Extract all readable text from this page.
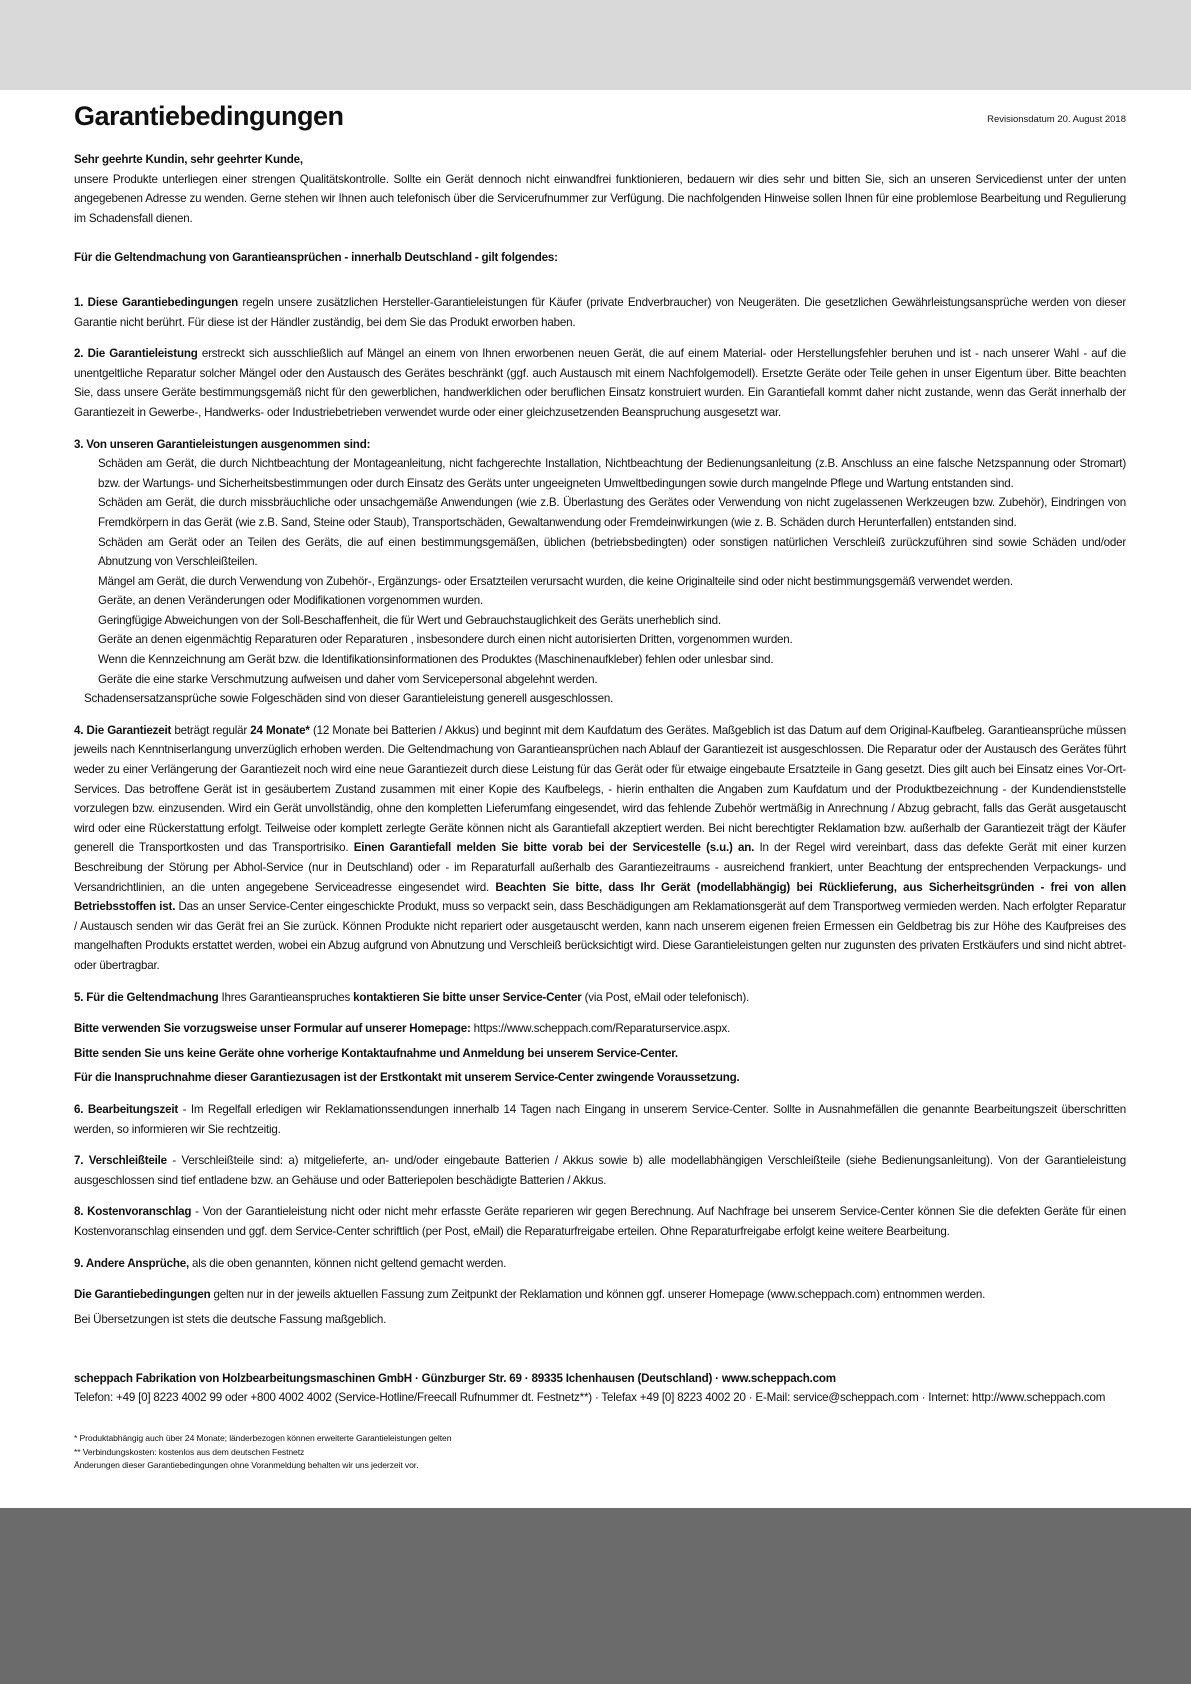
Garantiebedingungen	Revisionsdatum 20. August 2018

Sehr geehrte Kundin, sehr geehrter Kunde,

unsere Produkte unterliegen einer strengen Qualitätskontrolle. Sollte ein Gerät dennoch nicht einwandfrei funktionieren, bedauern wir dies sehr und bitten Sie, sich an unseren Servicedienst unter der unten angegebenen Adresse zu wenden. Gerne stehen wir Ihnen auch telefonisch über die Servicerufnummer zur Verfügung. Die nachfolgenden Hinweise sollen Ihnen für eine problemlose Bearbeitung und Regulierung im Schadensfall dienen.

Für die Geltendmachung von Garantieansprüchen - innerhalb Deutschland - gilt folgendes:

1. Diese Garantiebedingungen regeln unsere zusätzlichen Hersteller-Garantieleistungen für Käufer (private Endverbraucher) von Neugeräten. Die gesetzlichen Gewährleistungsansprüche werden von dieser Garantie nicht berührt. Für diese ist der Händler zuständig, bei dem Sie das Produkt erworben haben.

2. Die Garantieleistung erstreckt sich ausschließlich auf Mängel an einem von Ihnen erworbenen neuen Gerät, die auf einem Material- oder Herstellungsfehler beruhen und ist - nach unserer Wahl - auf die unentgeltliche Reparatur solcher Mängel oder den Austausch des Gerätes beschränkt (ggf. auch Austausch mit einem Nachfolgemodell). Ersetzte Geräte oder Teile gehen in unser Eigentum über. Bitte beachten Sie, dass unsere Geräte bestimmungsgemäß nicht für den gewerblichen, handwerklichen oder beruflichen Einsatz konstruiert wurden. Ein Garantiefall kommt daher nicht zustande, wenn das Gerät innerhalb der Garantiezeit in Gewerbe-, Handwerks- oder Industriebetrieben verwendet wurde oder einer gleichzusetzenden Beanspruchung ausgesetzt war.

3. Von unseren Garantieleistungen ausgenommen sind:

Schäden am Gerät, die durch Nichtbeachtung der Montageanleitung, nicht fachgerechte Installation, Nichtbeachtung der Bedienungsanleitung (z.B. Anschluss an eine falsche Netzspannung oder Stromart) bzw. der Wartungs- und Sicherheitsbestimmungen oder durch Einsatz des Geräts unter ungeeigneten Umweltbedingungen sowie durch mangelnde Pflege und Wartung entstanden sind.
Schäden am Gerät, die durch missbräuchliche oder unsachgemäße Anwendungen (wie z.B. Überlastung des Gerätes oder Verwendung von nicht zugelassenen Werkzeugen bzw. Zubehör), Eindringen von Fremdkörpern in das Gerät (wie z.B. Sand, Steine oder Staub), Transportschäden, Gewaltanwendung oder Fremdeinwirkungen (wie z. B. Schäden durch Herunterfallen) entstanden sind.
Schäden am Gerät oder an Teilen des Geräts, die auf einen bestimmungsgemäßen, üblichen (betriebsbedingten) oder sonstigen natürlichen Verschleiß zurückzuführen sind sowie Schäden und/oder Abnutzung von Verschleißteilen.
Mängel am Gerät, die durch Verwendung von Zubehör-, Ergänzungs- oder Ersatzteilen verursacht wurden, die keine Originalteile sind oder nicht bestimmungsgemäß verwendet werden.
Geräte, an denen Veränderungen oder Modifikationen vorgenommen wurden.
Geringfügige Abweichungen von der Soll-Beschaffenheit, die für Wert und Gebrauchstauglichkeit des Geräts unerheblich sind.
Geräte an denen eigenmächtig Reparaturen oder Reparaturen , insbesondere durch einen nicht autorisierten Dritten, vorgenommen wurden.
Wenn die Kennzeichnung am Gerät bzw. die Identifikationsinformationen des Produktes (Maschinenaufkleber) fehlen oder unlesbar sind.
Geräte die eine starke Verschmutzung aufweisen und daher vom Servicepersonal abgelehnt werden.

Schadensersatzansprüche sowie Folgeschäden sind von dieser Garantieleistung generell ausgeschlossen.

4. Die Garantiezeit beträgt regulär 24 Monate* (12 Monate bei Batterien / Akkus) und beginnt mit dem Kaufdatum des Gerätes. Maßgeblich ist das Datum auf dem Original-Kaufbeleg. Garantieansprüche müssen jeweils nach Kenntniserlangung unverzüglich erhoben werden. Die Geltendmachung von Garantieansprüchen nach Ablauf der Garantiezeit ist ausgeschlossen. Die Reparatur oder der Austausch des Gerätes führt weder zu einer Verlängerung der Garantiezeit noch wird eine neue Garantiezeit durch diese Leistung für das Gerät oder für etwaige eingebaute Ersatzteile in Gang gesetzt. Dies gilt auch bei Einsatz eines Vor-Ort-Services. Das betroffene Gerät ist in gesäubertem Zustand zusammen mit einer Kopie des Kaufbelegs, - hierin enthalten die Angaben zum Kaufdatum und der Produktbezeichnung - der Kundendienststelle vorzulegen bzw. einzusenden. Wird ein Gerät unvollständig, ohne den kompletten Lieferumfang eingesendet, wird das fehlende Zubehör wertmäßig in Anrechnung / Abzug gebracht, falls das Gerät ausgetauscht wird oder eine Rückerstattung erfolgt. Teilweise oder komplett zerlegte Geräte können nicht als Garantiefall akzeptiert werden. Bei nicht berechtigter Reklamation bzw. außerhalb der Garantiezeit trägt der Käufer generell die Transportkosten und das Transportrisiko. Einen Garantiefall melden Sie bitte vorab bei der Servicestelle (s.u.) an. In der Regel wird vereinbart, dass das defekte Gerät mit einer kurzen Beschreibung der Störung per Abhol-Service (nur in Deutschland) oder - im Reparaturfall außerhalb des Garantiezeitraums - ausreichend frankiert, unter Beachtung der entsprechenden Verpackungs- und Versandrichtlinien, an die unten angegebene Serviceadresse eingesendet wird. Beachten Sie bitte, dass Ihr Gerät (modellabhängig) bei Rücklieferung, aus Sicherheitsgründen - frei von allen Betriebsstoffen ist. Das an unser Service-Center eingeschickte Produkt, muss so verpackt sein, dass Beschädigungen am Reklamationsgerät auf dem Transportweg vermieden werden. Nach erfolgter Reparatur / Austausch senden wir das Gerät frei an Sie zurück. Können Produkte nicht repariert oder ausgetauscht werden, kann nach unserem eigenen freien Ermessen ein Geldbetrag bis zur Höhe des Kaufpreises des mangelhaften Produkts erstattet werden, wobei ein Abzug aufgrund von Abnutzung und Verschleiß berücksichtigt wird. Diese Garantieleistungen gelten nur zugunsten des privaten Erstkäufers und sind nicht abtret- oder übertragbar.

5. Für die Geltendmachung Ihres Garantieanspruches kontaktieren Sie bitte unser Service-Center (via Post, eMail oder telefonisch).

Bitte verwenden Sie vorzugsweise unser Formular auf unserer Homepage: https://www.scheppach.com/Reparaturservice.aspx.

Bitte senden Sie uns keine Geräte ohne vorherige Kontaktaufnahme und Anmeldung bei unserem Service-Center.

Für die Inanspruchnahme dieser Garantiezusagen ist der Erstkontakt mit unserem Service-Center zwingende Voraussetzung.

6. Bearbeitungszeit - Im Regelfall erledigen wir Reklamationssendungen innerhalb 14 Tagen nach Eingang in unserem Service-Center. Sollte in Ausnahmefällen die genannte Bearbeitungszeit überschritten werden, so informieren wir Sie rechtzeitig.

7. Verschleißteile - Verschleißteile sind: a) mitgelieferte, an- und/oder eingebaute Batterien / Akkus sowie b) alle modellabhängigen Verschleißteile (siehe Bedienungsanleitung). Von der Garantieleistung ausgeschlossen sind tief entladene bzw. an Gehäuse und oder Batteriepolen beschädigte Batterien / Akkus.

8. Kostenvoranschlag - Von der Garantieleistung nicht oder nicht mehr erfasste Geräte reparieren wir gegen Berechnung. Auf Nachfrage bei unserem Service-Center können Sie die defekten Geräte für einen Kostenvoranschlag einsenden und ggf. dem Service-Center schriftlich (per Post, eMail) die Reparaturfreigabe erteilen. Ohne Reparaturfreigabe erfolgt keine weitere Bearbeitung.

9. Andere Ansprüche, als die oben genannten, können nicht geltend gemacht werden.

Die Garantiebedingungen gelten nur in der jeweils aktuellen Fassung zum Zeitpunkt der Reklamation und können ggf. unserer Homepage (www.scheppach.com) entnommen werden.

Bei Übersetzungen ist stets die deutsche Fassung maßgeblich.

scheppach Fabrikation von Holzbearbeitungsmaschinen GmbH · Günzburger Str. 69 · 89335 Ichenhausen (Deutschland) · www.scheppach.com

Telefon: +49 [0] 8223 4002 99 oder +800 4002 4002 (Service-Hotline/Freecall Rufnummer dt. Festnetz**) · Telefax +49 [0] 8223 4002 20 · E-Mail: service@scheppach.com · Internet: http://www.scheppach.com

* Produktabhängig auch über 24 Monate; länderbezogen können erweiterte Garantieleistungen gelten

** Verbindungskosten: kostenlos aus dem deutschen Festnetz

Änderungen dieser Garantiebedingungen ohne Voranmeldung behalten wir uns jederzeit vor.
